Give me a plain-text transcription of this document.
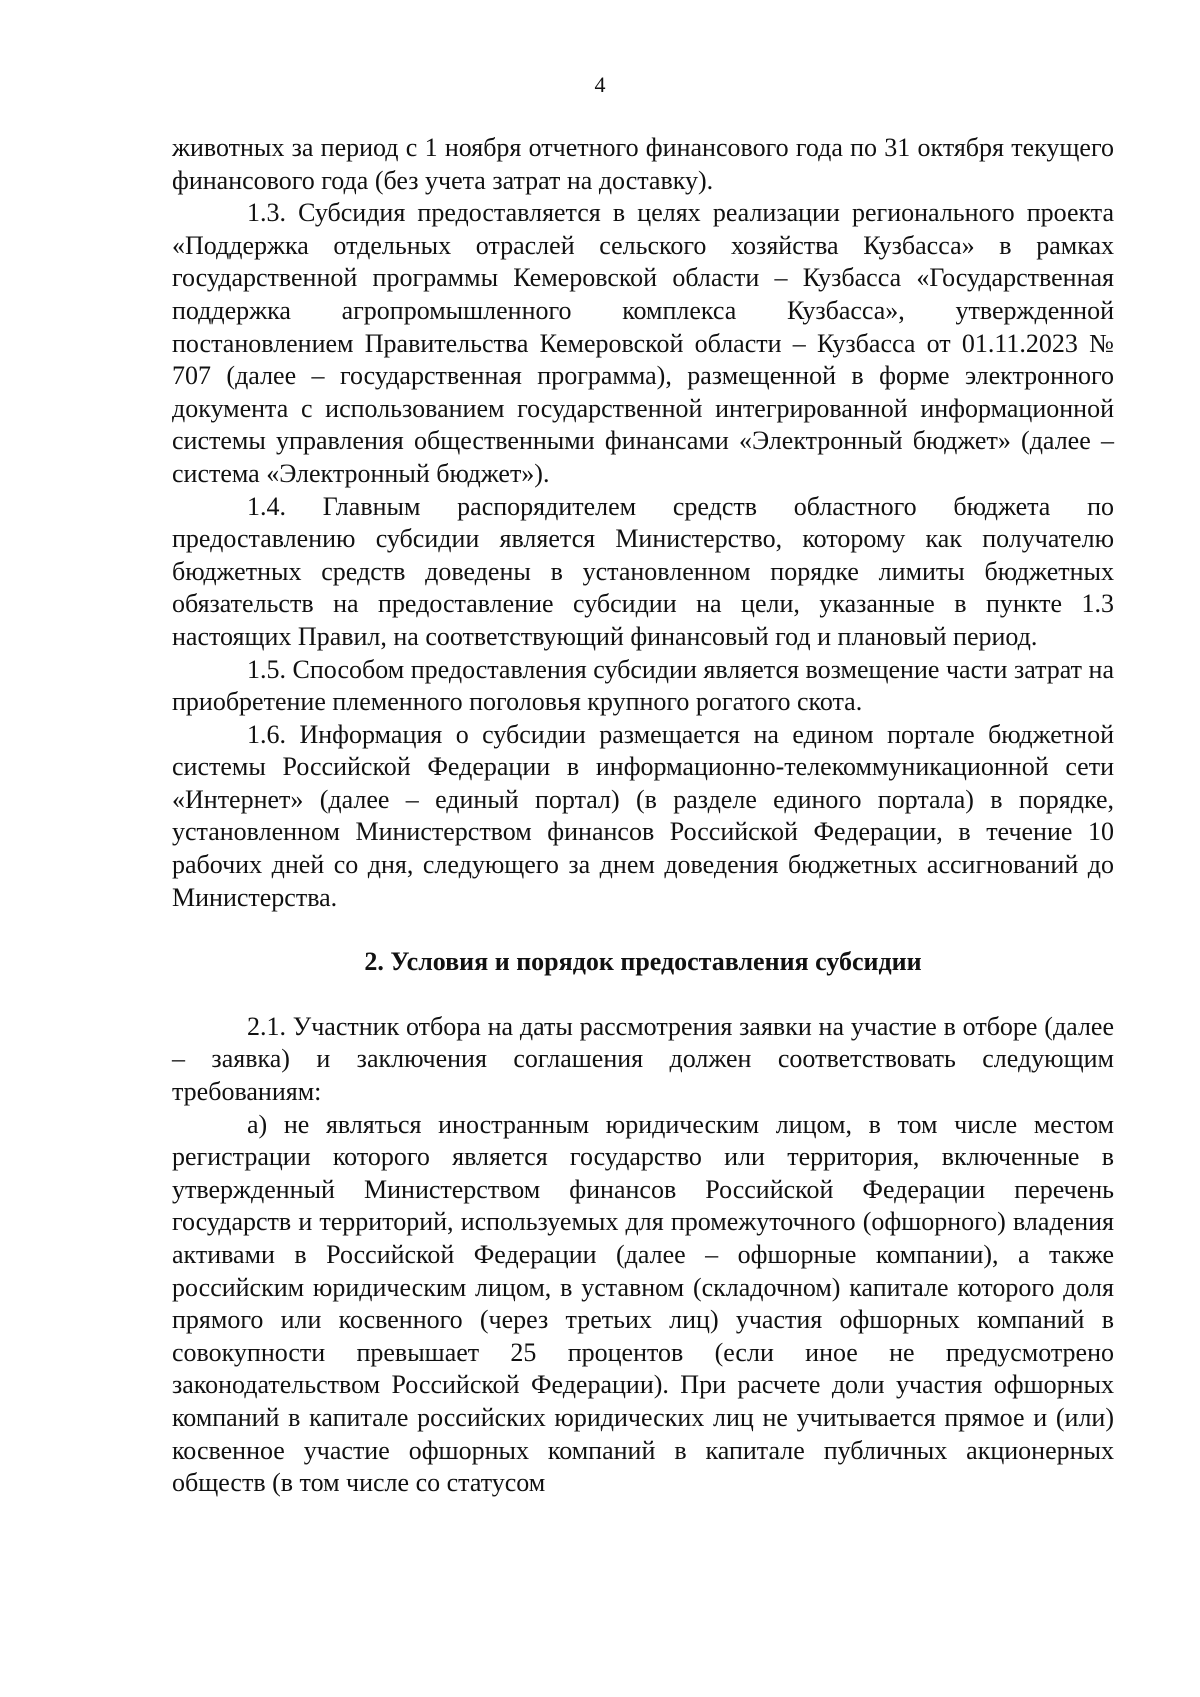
4

животных за период с 1 ноября отчетного финансового года по 31 октября текущего финансового года (без учета затрат на доставку).

1.3. Субсидия предоставляется в целях реализации регионального проекта «Поддержка отдельных отраслей сельского хозяйства Кузбасса» в рамках государственной программы Кемеровской области – Кузбасса «Государственная поддержка агропромышленного комплекса Кузбасса», утвержденной постановлением Правительства Кемеровской области – Кузбасса от 01.11.2023 № 707 (далее – государственная программа), размещенной в форме электронного документа с использованием государственной интегрированной информационной системы управления общественными финансами «Электронный бюджет» (далее – система «Электронный бюджет»).

1.4. Главным распорядителем средств областного бюджета по предоставлению субсидии является Министерство, которому как получателю бюджетных средств доведены в установленном порядке лимиты бюджетных обязательств на предоставление субсидии на цели, указанные в пункте 1.3 настоящих Правил, на соответствующий финансовый год и плановый период.

1.5. Способом предоставления субсидии является возмещение части затрат на приобретение племенного поголовья крупного рогатого скота.

1.6. Информация о субсидии размещается на едином портале бюджетной системы Российской Федерации в информационно-телекоммуникационной сети «Интернет» (далее – единый портал) (в разделе единого портала) в порядке, установленном Министерством финансов Российской Федерации, в течение 10 рабочих дней со дня, следующего за днем доведения бюджетных ассигнований до Министерства.

2. Условия и порядок предоставления субсидии

2.1. Участник отбора на даты рассмотрения заявки на участие в отборе (далее – заявка) и заключения соглашения должен соответствовать следующим требованиям:

а) не являться иностранным юридическим лицом, в том числе местом регистрации которого является государство или территория, включенные в утвержденный Министерством финансов Российской Федерации перечень государств и территорий, используемых для промежуточного (офшорного) владения активами в Российской Федерации (далее – офшорные компании), а также российским юридическим лицом, в уставном (складочном) капитале которого доля прямого или косвенного (через третьих лиц) участия офшорных компаний в совокупности превышает 25 процентов (если иное не предусмотрено законодательством Российской Федерации). При расчете доли участия офшорных компаний в капитале российских юридических лиц не учитывается прямое и (или) косвенное участие офшорных компаний в капитале публичных акционерных обществ (в том числе со статусом
